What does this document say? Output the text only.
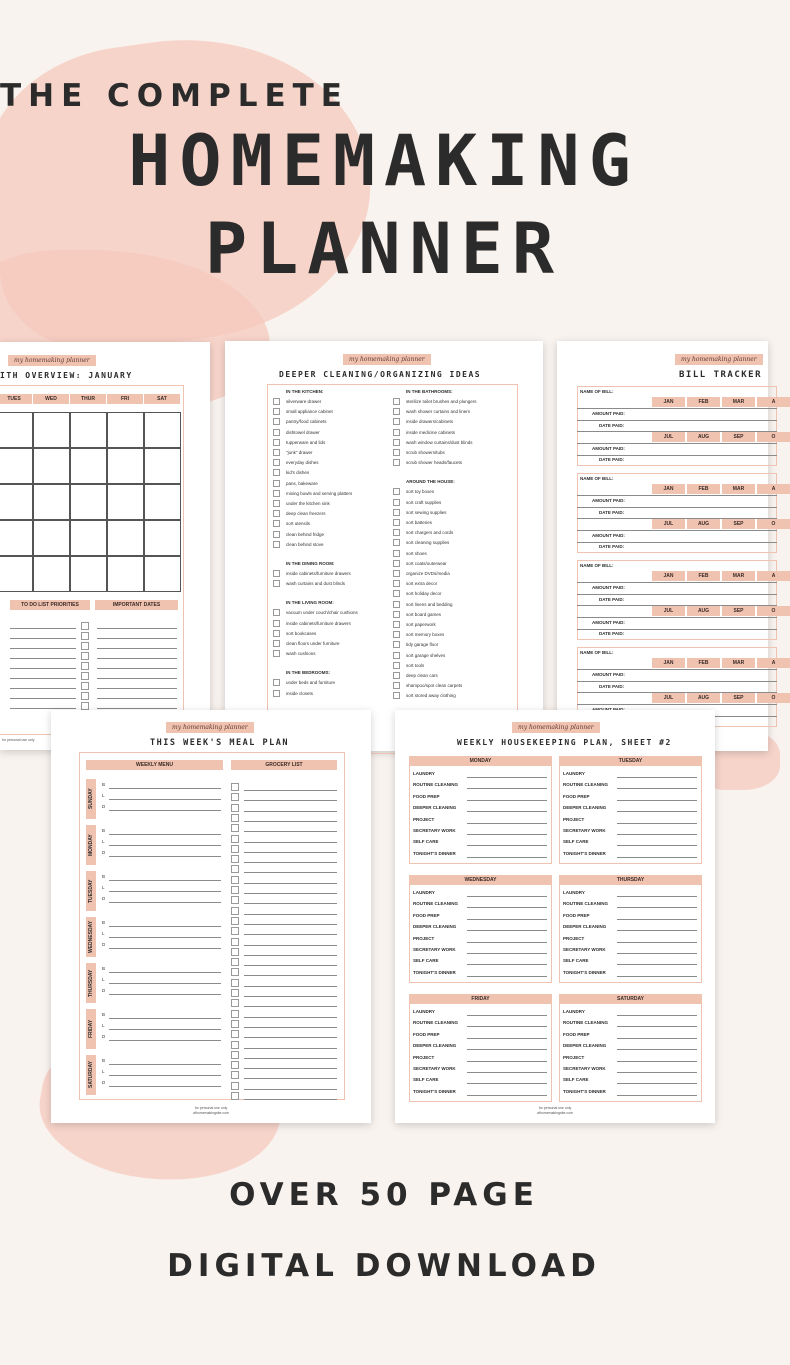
THE COMPLETE
HOMEMAKING
PLANNER
my homemaking planner
ITH OVERVIEW: JANUARY
TO DO LIST PRIORITIES	IMPORTANT DATES
for personal use only
TUES	WED	THUR	FRI	SAT
my homemaking planner
DEEPER CLEANING/ORGANIZING IDEAS
IN THE KITCHEN:
silverware drawer
small appliance cabinet
pantry/food cabinets
dishtowel drawer
tupperware and lids
"junk" drawer
everyday dishes
kid's dishes
pans, bakeware
mixing bowls and serving platters
under the kitchen sink
deep clean freezers
sort utensils
clean behind fridge
clean behind stove
IN THE DINING ROOM:
inside cabinets/furniture drawers
wash curtains and dust blinds
IN THE LIVING ROOM:
vacuum under couch/chair cushions
inside cabinets/furniture drawers
sort bookcases
clean floors under furniture
wash cushions
IN THE BEDROOMS:
under beds and furniture
inside closets
IN THE BATHROOMS:
sterilize toilet brushes and plungers
wash shower curtains and liners
inside drawers/cabinets
inside medicine cabinets
wash window curtains/dust blinds
scrub showers/tubs
scrub shower heads/faucets
AROUND THE HOUSE:
sort toy boxes
sort craft supplies
sort sewing supplies
sort batteries
sort chargers and cords
sort cleaning supplies
sort shoes
sort coats/outerwear
organize DVDs/media
sort extra decor
sort holiday decor
sort linens and bedding
sort board games
sort paperwork
sort memory boxes
tidy garage floor
sort garage shelves
sort tools
deep clean cars
shampoo/spot clean carpets
sort stored away clothing
my homemaking planner
BILL TRACKER
NAME OF BILL:
JAN	FEB	MAR	A
AMOUNT PAID:
DATE PAID:
JUL	AUG	SEP	O
AMOUNT PAID:
DATE PAID:
NAME OF BILL:
JAN	FEB	MAR	A
AMOUNT PAID:
DATE PAID:
JUL	AUG	SEP	O
AMOUNT PAID:
DATE PAID:
NAME OF BILL:
JAN	FEB	MAR	A
AMOUNT PAID:
DATE PAID:
JUL	AUG	SEP	O
AMOUNT PAID:
DATE PAID:
NAME OF BILL:
JAN	FEB	MAR	A
AMOUNT PAID:
DATE PAID:
JUL	AUG	SEP	O
my homemaking planner
THIS WEEK'S MEAL PLAN
WEEKLY MENU	GROCERY LIST
for personal use only
afhomemakingsite.com
SUNDAY
B
L
D
MONDAY
B
L
D
TUESDAY
B
L
D
WEDNESDAY	B
L
D
THURSDAY
B
L
D
FRIDAY
B
L
D
SATURDAY
B
L
D
my homemaking planner
WEEKLY HOUSEKEEPING PLAN, SHEET #2
for personal use only
afhomemakingsite.com
MONDAY
LAUNDRY
ROUTINE CLEANING
FOOD PREP
DEEPER CLEANING
PROJECT
SECRETARY WORK
SELF CARE
TONIGHT'S DINNER
TUESDAY
LAUNDRY
ROUTINE CLEANING
FOOD PREP
DEEPER CLEANING
PROJECT
SECRETARY WORK
SELF CARE
TONIGHT'S DINNER
WEDNESDAY
LAUNDRY
ROUTINE CLEANING
FOOD PREP
DEEPER CLEANING
PROJECT
SECRETARY WORK
SELF CARE
TONIGHT'S DINNER
THURSDAY
LAUNDRY
ROUTINE CLEANING
FOOD PREP
DEEPER CLEANING
PROJECT
SECRETARY WORK
SELF CARE
TONIGHT'S DINNER
FRIDAY
LAUNDRY
ROUTINE CLEANING
FOOD PREP
DEEPER CLEANING
PROJECT
SECRETARY WORK
SELF CARE
TONIGHT'S DINNER
SATURDAY
LAUNDRY
ROUTINE CLEANING
FOOD PREP
DEEPER CLEANING
PROJECT
SECRETARY WORK
SELF CARE
TONIGHT'S DINNER
OVER 50 PAGE
DIGITAL DOWNLOAD
